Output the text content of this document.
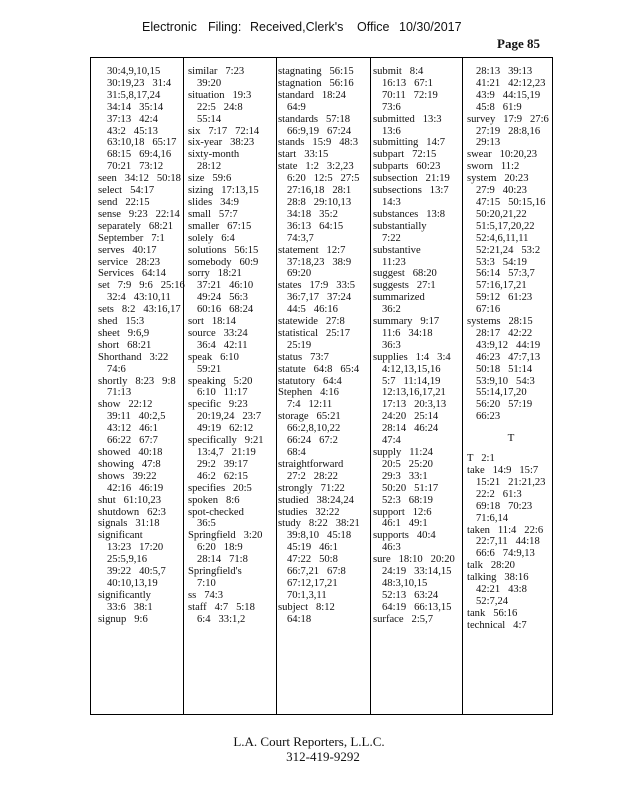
Electronic Filing: Received,Clerk's Office 10/30/2017
Page 85
30:4,9,10,15
30:19,23   31:4
31:5,8,17,24
34:14   35:14
37:13   42:4
43:2   45:13
63:10,18   65:17
68:15   69:4,16
70:21   73:12
seen   34:12   50:18
select   54:17
send   22:15
sense   9:23   22:14
separately   68:21
September   7:1
serves   40:17
service   28:23
Services   64:14
set   7:9   9:6   25:16
32:4   43:10,11
sets   8:2   43:16,17
shed   15:3
sheet   9:6,9
short   68:21
Shorthand   3:22
74:6
shortly   8:23   9:8
71:13
show   22:12
39:11   40:2,5
43:12   46:1
66:22   67:7
showed   40:18
showing   47:8
shows   39:22
42:16   46:19
shut   61:10,23
shutdown   62:3
signals   31:18
significant
13:23   17:20
25:5,9,16
39:22   40:5,7
40:10,13,19
significantly
33:6   38:1
signup   9:6
similar   7:23
39:20
situation   19:3
22:5   24:8
55:14
six   7:17   72:14
six-year   38:23
sixty-month
28:12
size   59:6
sizing   17:13,15
slides   34:9
small   57:7
smaller   67:15
solely   6:4
solutions   56:15
somebody   60:9
sorry   18:21
37:21   46:10
49:24   56:3
60:16   68:24
sort   18:14
source   33:24
36:4   42:11
speak   6:10
59:21
speaking   5:20
6:10   11:17
specific   9:23
20:19,24   23:7
49:19   62:12
specifically   9:21
13:4,7   21:19
29:2   39:17
46:2   62:15
specifies   20:5
spoken   8:6
spot-checked
36:5
Springfield   3:20
6:20   18:9
28:14   71:8
Springfield's
7:10
ss   74:3
staff   4:7   5:18
6:4   33:1,2
stagnating   56:15
stagnation   56:16
standard   18:24
64:9
standards   57:18
66:9,19   67:24
stands   15:9   48:3
start   33:15
state   1:2   3:2,23
6:20   12:5   27:5
27:16,18   28:1
28:8   29:10,13
34:18   35:2
36:13   64:15
74:3,7
statement   12:7
37:18,23   38:9
69:20
states   17:9   33:5
36:7,17   37:24
44:5   46:16
statewide   27:8
statistical   25:17
25:19
status   73:7
statute   64:8   65:4
statutory   64:4
Stephen   4:16
7:4   12:11
storage   65:21
66:2,8,10,22
66:24   67:2
68:4
straightforward
27:2   28:22
strongly   71:22
studied   38:24,24
studies   32:22
study   8:22   38:21
39:8,10   45:18
45:19   46:1
47:22   50:8
66:7,21   67:8
67:12,17,21
70:1,3,11
subject   8:12
64:18
submit   8:4
16:13   67:1
70:11   72:19
73:6
submitted   13:3
13:6
submitting   14:7
subpart   72:15
subparts   60:23
subsection   21:19
subsections   13:7
14:3
substances   13:8
substantially
7:22
substantive
11:23
suggest   68:20
suggests   27:1
summarized
36:2
summary   9:17
11:6   34:18
36:3
supplies   1:4   3:4
4:12,13,15,16
5:7   11:14,19
12:13,16,17,21
17:13   20:3,13
24:20   25:14
28:14   46:24
47:4
supply   11:24
20:5   25:20
29:3   33:1
50:20   51:17
52:3   68:19
support   12:6
46:1   49:1
supports   40:4
46:3
sure   18:10   20:20
24:19   33:14,15
48:3,10,15
52:13   63:24
64:19   66:13,15
surface   2:5,7
28:13   39:13
41:21   42:12,23
43:9   44:15,19
45:8   61:9
survey   17:9   27:6
27:19   28:8,16
29:13
swear   10:20,23
sworn   11:2
system   20:23
27:9   40:23
47:15   50:15,16
50:20,21,22
51:5,17,20,22
52:4,6,11,11
52:21,24   53:2
53:3   54:19
56:14   57:3,7
57:16,17,21
59:12   61:23
67:16
systems   28:15
28:17   42:22
43:9,12   44:19
46:23   47:7,13
50:18   51:14
53:9,10   54:3
55:14,17,20
56:20   57:19
66:23
T
T   2:1
take   14:9   15:7
15:21   21:21,23
22:2   61:3
69:18   70:23
71:6,14
taken   11:4   22:6
22:7,11   44:18
66:6   74:9,13
talk   28:20
talking   38:16
42:21   43:8
52:7,24
tank   56:16
technical   4:7
L.A. Court Reporters, L.L.C.
312-419-9292
